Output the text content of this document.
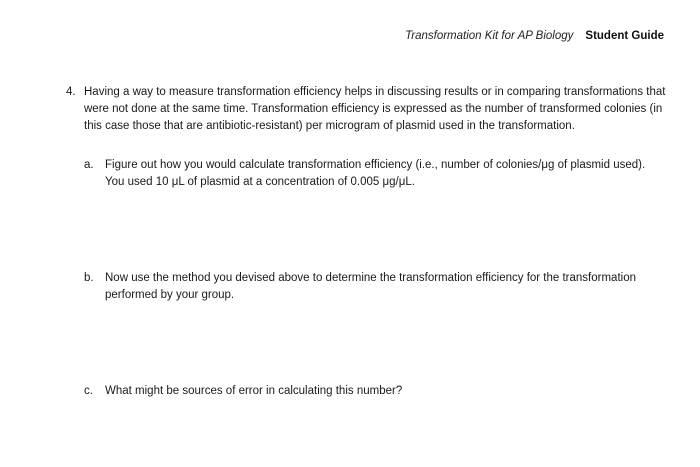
Transformation Kit for AP Biology Student Guide
4. Having a way to measure transformation efficiency helps in discussing results or in comparing transformations that were not done at the same time. Transformation efficiency is expressed as the number of transformed colonies (in this case those that are antibiotic-resistant) per microgram of plasmid used in the transformation.
a. Figure out how you would calculate transformation efficiency (i.e., number of colonies/μg of plasmid used). You used 10 μL of plasmid at a concentration of 0.005 μg/μL.
b. Now use the method you devised above to determine the transformation efficiency for the transformation performed by your group.
c. What might be sources of error in calculating this number?
